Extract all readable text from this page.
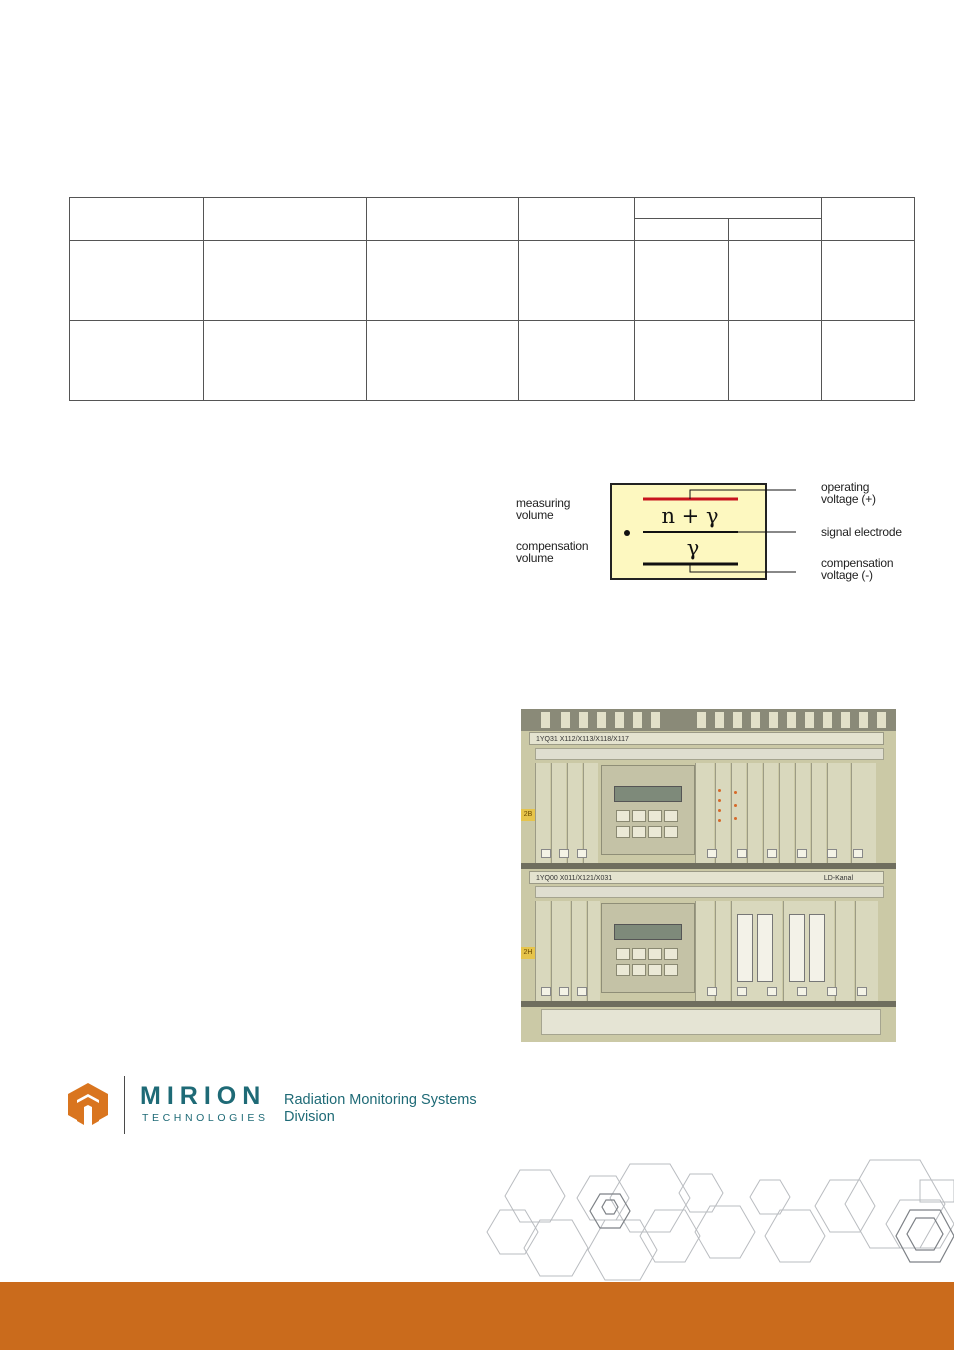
n + γ
γ
measuring volume
compensation volume
operating voltage (+)
signal electrode
compensation voltage (-)
1YQ31 X112/X113/X118/X117
2B
1YQ00 X011/X121/X031	LD-Kanal
2H
MIRION
TECHNOLOGIES
Radiation Monitoring Systems
Division
